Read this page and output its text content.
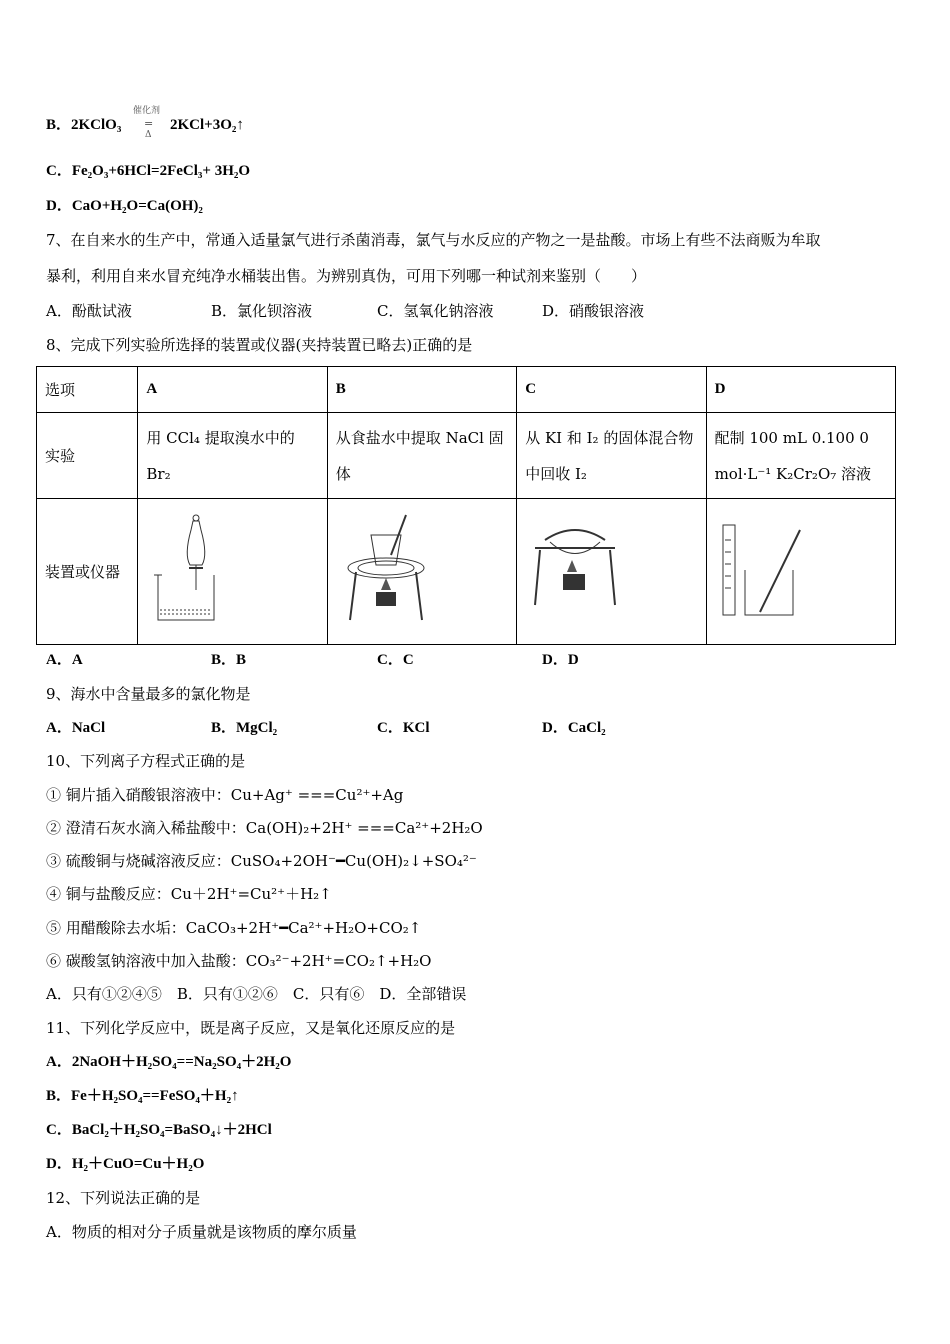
B．2KClO₃
催化剂
=
Δ
2KCl+3O₂↑
C．Fe₂O₃+6HCl=2FeCl₃+ 3H₂O
D．CaO+H₂O=Ca(OH)₂
7、在自来水的生产中，常通入适量氯气进行杀菌消毒，氯气与水反应的产物之一是盐酸。市场上有些不法商贩为牟取
暴利，利用自来水冒充纯净水桶装出售。为辨别真伪，可用下列哪一种试剂来鉴别（　　）
A．酚酞试液	B．氯化钡溶液	C．氢氧化钠溶液	D．硝酸银溶液
8、完成下列实验所选择的装置或仪器(夹持装置已略去)正确的是
选项	A	B	C	D
实验	用 CCl₄ 提取溴水中的 Br₂	从食盐水中提取 NaCl 固体	从 KI 和 I₂ 的固体混合物中回收 I₂	配制 100 mL 0.100 0 mol·L⁻¹ K₂Cr₂O₇ 溶液
装置或仪器				
A．A	B．B	C．C	D．D
9、海水中含量最多的氯化物是
A．NaCl	B．MgCl₂	C．KCl	D．CaCl₂
10、下列离子方程式正确的是
① 铜片插入硝酸银溶液中：Cu+Ag⁺ ===Cu²⁺+Ag
② 澄清石灰水滴入稀盐酸中：Ca(OH)₂+2H⁺ ===Ca²⁺+2H₂O
③ 硫酸铜与烧碱溶液反应：CuSO₄+2OH⁻━Cu(OH)₂↓+SO₄²⁻
④ 铜与盐酸反应：Cu＋2H⁺=Cu²⁺＋H₂↑
⑤ 用醋酸除去水垢：CaCO₃+2H⁺━Ca²⁺+H₂O+CO₂↑
⑥ 碳酸氢钠溶液中加入盐酸：CO₃²⁻+2H⁺=CO₂↑+H₂O
A．只有①②④⑤　B．只有①②⑥　C．只有⑥　D．全部错误
11、下列化学反应中，既是离子反应，又是氧化还原反应的是
A．2NaOH＋H₂SO₄==Na₂SO₄＋2H₂O
B．Fe＋H₂SO₄==FeSO₄＋H₂↑
C．BaCl₂＋H₂SO₄=BaSO₄↓＋2HCl
D．H₂＋CuO=Cu＋H₂O
12、下列说法正确的是
A．物质的相对分子质量就是该物质的摩尔质量
